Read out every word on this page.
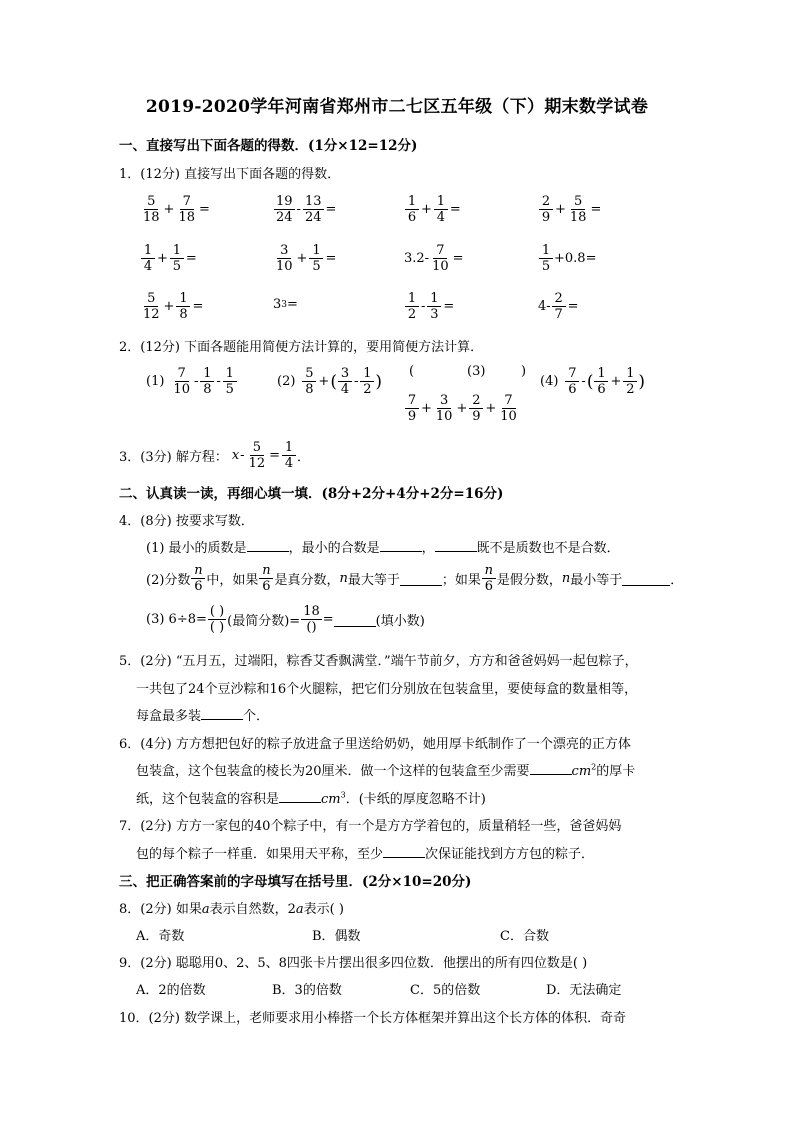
2019-2020学年河南省郑州市二七区五年级（下）期末数学试卷
一、直接写出下面各题的得数．(1分×12=12分)
1．(12分) 直接写出下面各题的得数．
$\frac{5}{18} + \frac{7}{18}$ =	$\frac{19}{24} - \frac{13}{24}$ =	$\frac{1}{6} + \frac{1}{4}$ =	$\frac{2}{9} + \frac{5}{18}$ =
$\frac{1}{4} + \frac{1}{5}$ =	$\frac{3}{10} + \frac{1}{5}$ =	$3.2- \frac{7}{10}$ =	$\frac{1}{5} +0.8=$
$\frac{5}{12} + \frac{1}{8}$ =	3 3 =	$\frac{1}{2} - \frac{1}{3}$ =	$4- \frac{2}{7}$ =
2．(12分) 下面各题能用简便方法计算的，要用简便方法计算．
$(1) \frac{7}{10} - \frac{1}{8} - \frac{1}{5}$	$(2) \frac{5}{8}$ + ( $\frac{3}{4} - \frac{1}{2}$ ) (	(3)	)
$\frac{7}{9} + \frac{3}{10} + \frac{2}{9} + \frac{7}{10}$
$(4) \frac{7}{6}$ - ( $\frac{1}{6} + \frac{1}{2}$ )
3．(3分) 解方程： $x - \frac{5}{12} = \frac{1}{4}$ ．
二、认真读一读，再细心填一填．(8分+2分+4分+2分=16分)
4．(8分) 按要求写数．
(1) 最小的质数是	，最小的合数是	，	既不是质数也不是合数．
(2)分数 $\frac{n}{6}$ 中，如果 $\frac{n}{6}$ 是真分数， n 最大等于	；如果 $\frac{n}{6}$ 是假分数， n 最小等于	．
(3) $6\div 8= \frac{( )}{( )}$ (最简分数)= $\frac{18}{()}$ =	(填小数)
5．(2分) “五月五，过端阳，粽香艾香飘满堂．”端午节前夕，方方和爸爸妈妈一起包粽子，
一共包了24个豆沙粽和16个火腿粽，把它们分别放在包装盒里，要使每盒的数量相等，
每盒最多装	个．
6．(4分) 方方想把包好的粽子放进盒子里送给奶奶，她用厚卡纸制作了一个漂亮的正方体
包装盒，这个包装盒的棱长为20厘米．做一个这样的包装盒至少需要	$cm^2$的厚卡
纸，这个包装盒的容积是	$cm^3$．(卡纸的厚度忽略不计)
7．(2分) 方方一家包的40个粽子中，有一个是方方学着包的，质量稍轻一些，爸爸妈妈
包的每个粽子一样重．如果用天平称，至少	次保证能找到方方包的粽子．
三、把正确答案前的字母填写在括号里．(2分×10=20分)
8．(2分) 如果a表示自然数，2a表示( )
A．奇数	B．偶数	C．合数
9．(2分) 聪聪用0、2、5、8四张卡片摆出很多四位数．他摆出的所有四位数是( )
A．2的倍数	B．3的倍数	C．5的倍数	D．无法确定
10．(2分) 数学课上，老师要求用小棒搭一个长方体框架并算出这个长方体的体积．奇奇
